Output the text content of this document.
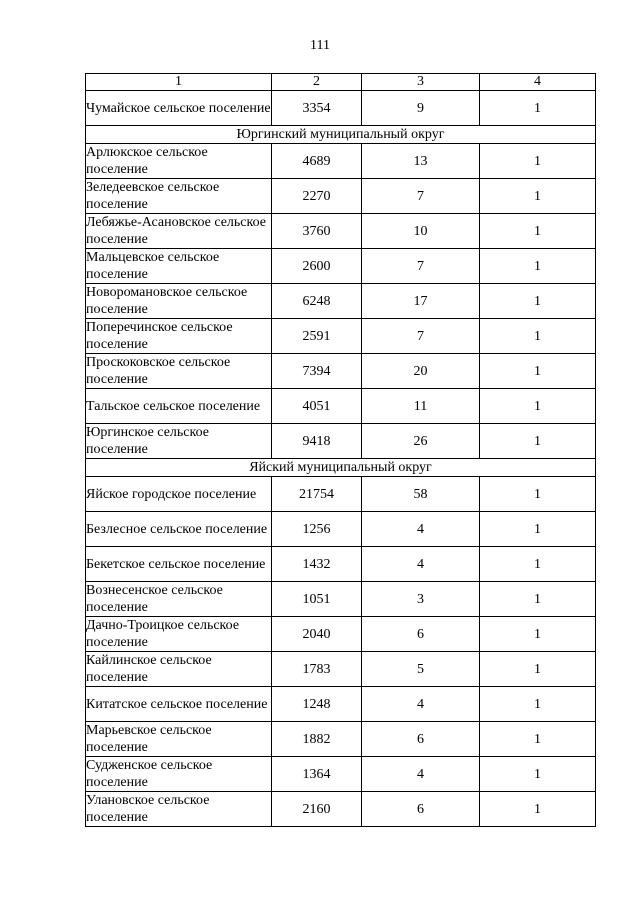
111
1	2	3	4
Чумайское сельское поселение	3354	9	1
Юргинский муниципальный округ			
Арлюкское сельское поселение	4689	13	1
Зеледеевское сельское поселение	2270	7	1
Лебяжье-Асановское сельское поселение	3760	10	1
Мальцевское сельское поселение	2600	7	1
Новоромановское сельское поселение	6248	17	1
Поперечинское сельское поселение	2591	7	1
Проскоковское сельское поселение	7394	20	1
Тальское сельское поселение	4051	11	1
Юргинское сельское поселение	9418	26	1
Яйский муниципальный округ			
Яйское городское поселение	21754	58	1
Безлесное сельское поселение	1256	4	1
Бекетское сельское поселение	1432	4	1
Вознесенское сельское поселение	1051	3	1
Дачно-Троицкое сельское поселение	2040	6	1
Кайлинское сельское поселение	1783	5	1
Китатское сельское поселение	1248	4	1
Марьевское сельское поселение	1882	6	1
Судженское сельское поселение	1364	4	1
Улановское сельское поселение	2160	6	1
